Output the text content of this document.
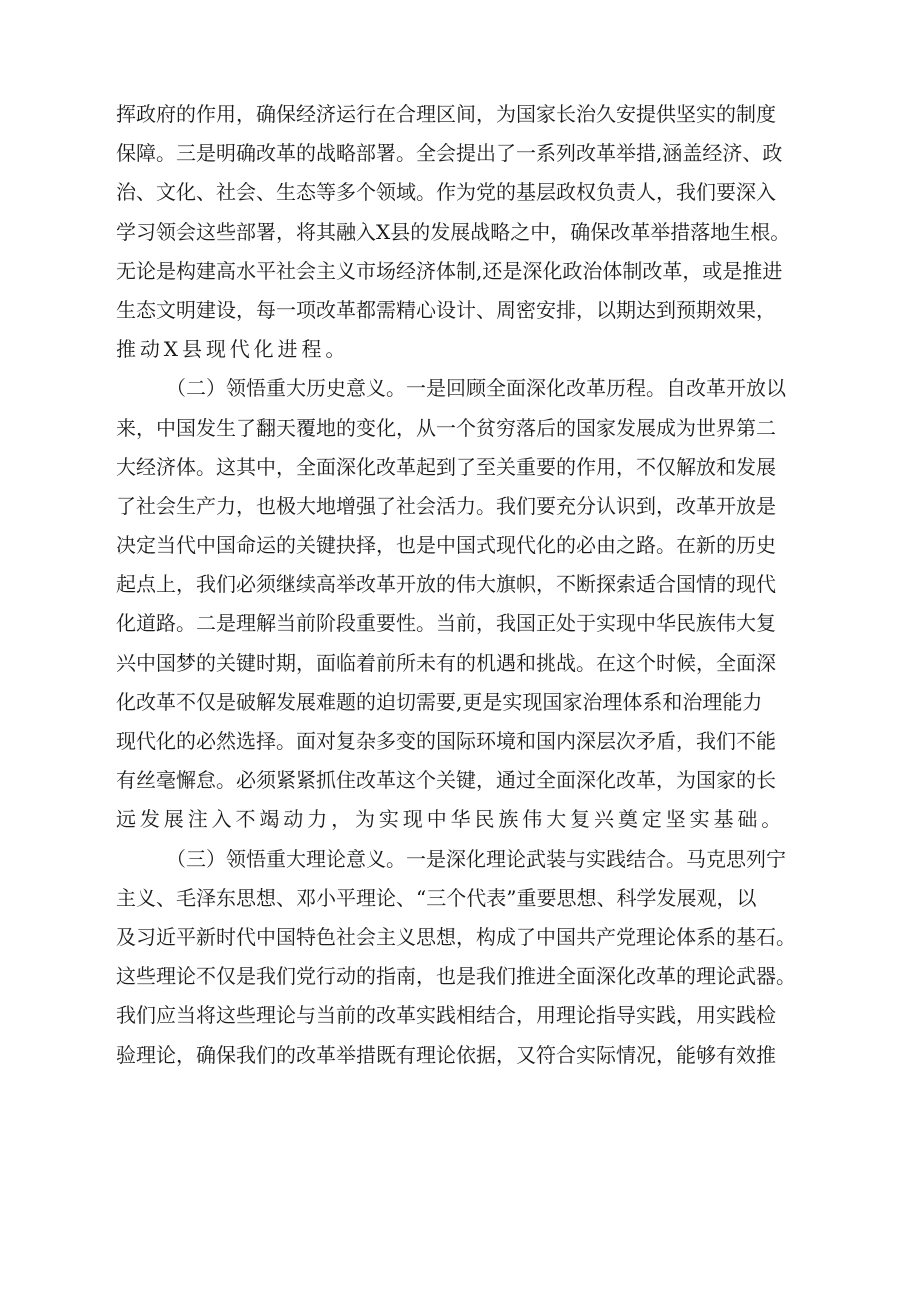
挥政府的作用，确保经济运行在合理区间，为国家长治久安提供坚实的制度
保障。三是明确改革的战略部署。全会提出了一系列改革举措,涵盖经济、政
治、文化、社会、生态等多个领域。作为党的基层政权负责人，我们要深入
学习领会这些部署，将其融入X县的发展战略之中，确保改革举措落地生根。
无论是构建高水平社会主义市场经济体制,还是深化政治体制改革，或是推进
生态文明建设，每一项改革都需精心设计、周密安排，以期达到预期效果，
推动X县现代化进程。
（二）领悟重大历史意义。一是回顾全面深化改革历程。自改革开放以
来，中国发生了翻天覆地的变化，从一个贫穷落后的国家发展成为世界第二
大经济体。这其中，全面深化改革起到了至关重要的作用，不仅解放和发展
了社会生产力，也极大地增强了社会活力。我们要充分认识到，改革开放是
决定当代中国命运的关键抉择，也是中国式现代化的必由之路。在新的历史
起点上，我们必须继续高举改革开放的伟大旗帜，不断探索适合国情的现代
化道路。二是理解当前阶段重要性。当前，我国正处于实现中华民族伟大复
兴中国梦的关键时期，面临着前所未有的机遇和挑战。在这个时候，全面深
化改革不仅是破解发展难题的迫切需要,更是实现国家治理体系和治理能力
现代化的必然选择。面对复杂多变的国际环境和国内深层次矛盾，我们不能
有丝毫懈怠。必须紧紧抓住改革这个关键，通过全面深化改革，为国家的长
远发展注入不竭动力，为实现中华民族伟大复兴奠定坚实基础。
（三）领悟重大理论意义。一是深化理论武装与实践结合。马克思列宁
主义、毛泽东思想、邓小平理论、“三个代表”重要思想、科学发展观，以
及习近平新时代中国特色社会主义思想，构成了中国共产党理论体系的基石。
这些理论不仅是我们党行动的指南，也是我们推进全面深化改革的理论武器。
我们应当将这些理论与当前的改革实践相结合，用理论指导实践，用实践检
验理论，确保我们的改革举措既有理论依据，又符合实际情况，能够有效推
